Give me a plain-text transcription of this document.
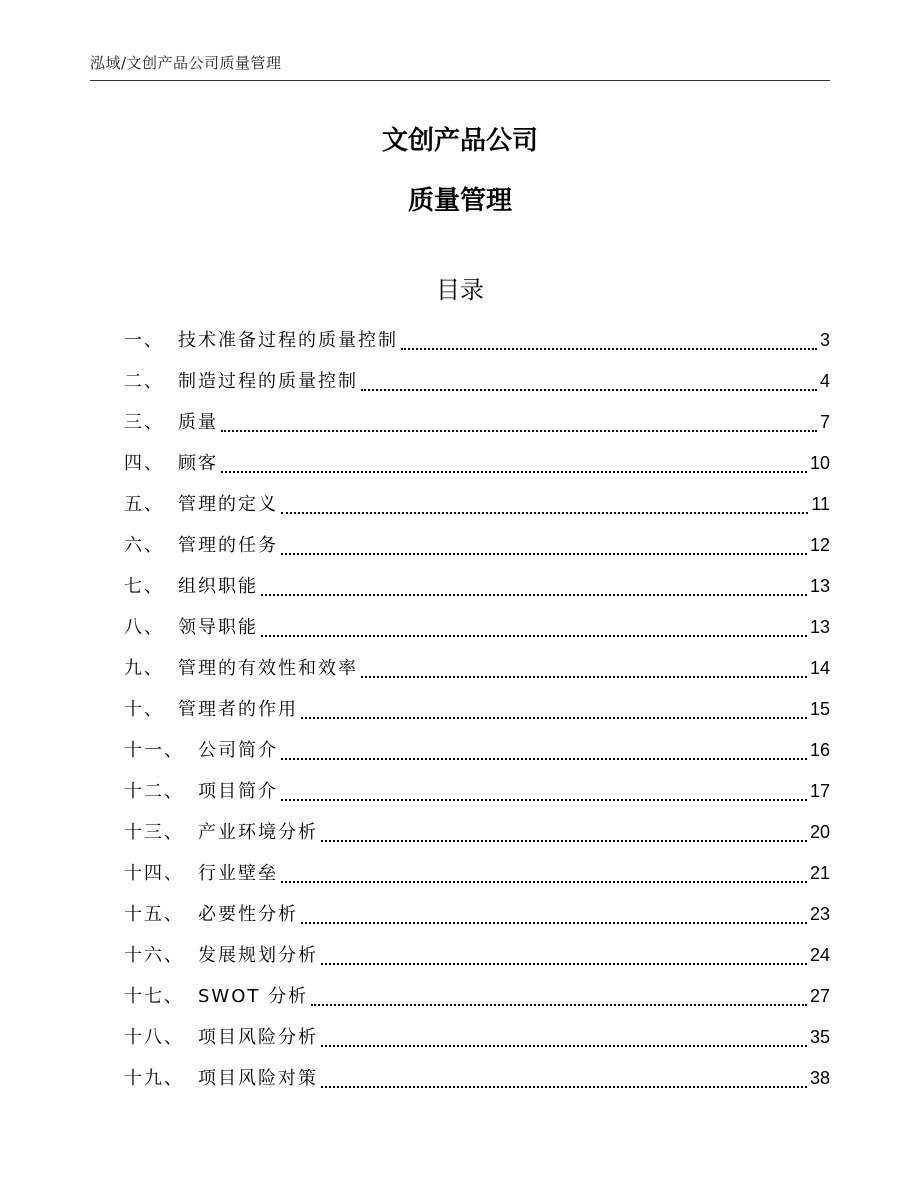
泓域/文创产品公司质量管理
文创产品公司
质量管理
目录
一、 技术准备过程的质量控制	3
二、 制造过程的质量控制	4
三、 质量	7
四、 顾客	10
五、 管理的定义	11
六、 管理的任务	12
七、 组织职能	13
八、 领导职能	13
九、 管理的有效性和效率	14
十、 管理者的作用	15
十一、 公司简介	16
十二、 项目简介	17
十三、 产业环境分析	20
十四、 行业壁垒	21
十五、 必要性分析	23
十六、 发展规划分析	24
十七、 SWOT 分析	27
十八、 项目风险分析	35
十九、 项目风险对策	38
